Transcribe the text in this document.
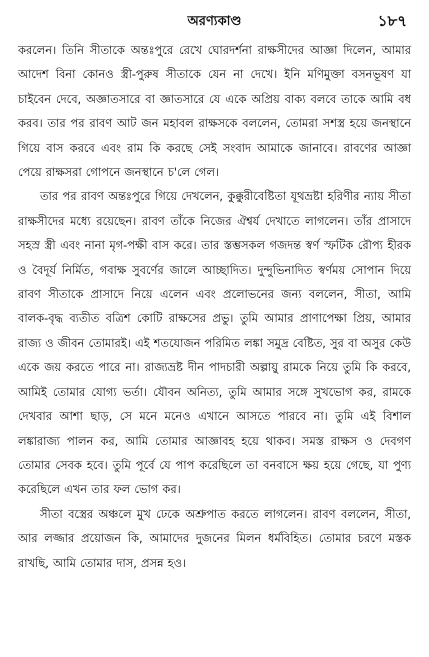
অরণ্যকাণ্ড	১৮৭

করলেন। তিনি সীতাকে অন্তঃপুরে রেখে ঘোরদর্শনা রাক্ষসীদের আজ্ঞা দিলেন, আমার আদেশ বিনা কোনও স্ত্রী-পুরুষ সীতাকে যেন না দেখে। ইনি মণিমুক্তা বসনভূষণ যা চাইবেন দেবে, অজ্ঞাতসারে বা জ্ঞাতসারে যে একে অপ্রিয় বাক্য বলবে তাকে আমি বধ করব। তার পর রাবণ আট জন মহাবল রাক্ষসকে বললেন, তোমরা সশস্ত্র হয়ে জনস্থানে গিয়ে বাস করবে এবং রাম কি করছে সেই সংবাদ আমাকে জানাবে। রাবণের আজ্ঞা পেয়ে রাক্ষসরা গোপনে জনস্থানে চ'লে গেল।

তার পর রাবণ অন্তঃপুরে গিয়ে দেখলেন, কুক্কুরীবেষ্টিতা যূথভ্রষ্টা হরিণীর ন্যায় সীতা রাক্ষসীদের মধ্যে রয়েছেন। রাবণ তাঁকে নিজের ঐশ্বর্য দেখাতে লাগলেন। তাঁর প্রাসাদে সহস্র স্ত্রী এবং নানা মৃগ-পক্ষী বাস করে। তার স্তম্ভসকল গজদন্ত স্বর্ণ স্ফটিক রৌপ্য হীরক ও বৈদূর্য নির্মিত, গবাক্ষ সুবর্ণের জালে আচ্ছাদিত। দুন্দুভিনাদিত স্বর্ণময় সোপান দিয়ে রাবণ সীতাকে প্রাসাদে নিয়ে এলেন এবং প্রলোভনের জন্য বললেন, সীতা, আমি বালক-বৃদ্ধ ব্যতীত বত্রিশ কোটি রাক্ষসের প্রভু। তুমি আমার প্রাণাপেক্ষা প্রিয়, আমার রাজ্য ও জীবন তোমারই। এই শতযোজন পরিমিত লঙ্কা সমুদ্র বেষ্টিত, সুর বা অসুর কেউ একে জয় করতে পারে না। রাজ্যভ্রষ্ট দীন পাদচারী অল্পায়ু রামকে নিয়ে তুমি কি করবে, আমিই তোমার যোগ্য ভর্তা। যৌবন অনিত্য, তুমি আমার সঙ্গে সুখভোগ কর, রামকে দেখবার আশা ছাড়, সে মনে মনেও এখানে আসতে পারবে না। তুমি এই বিশাল লঙ্কারাজ্য পালন কর, আমি তোমার আজ্ঞাবহ হয়ে থাকব। সমস্ত রাক্ষস ও দেবগণ তোমার সেবক হবে। তুমি পূর্বে যে পাপ করেছিলে তা বনবাসে ক্ষয় হয়ে গেছে, যা পুণ্য করেছিলে এখন তার ফল ভোগ কর।

সীতা বস্ত্রের অঞ্চলে মুখ ঢেকে অশ্রুপাত করতে লাগলেন। রাবণ বললেন, সীতা, আর লজ্জার প্রয়োজন কি, আমাদের দুজনের মিলন ধর্মবিহিত। তোমার চরণে মস্তক রাখছি, আমি তোমার দাস, প্রসন্ন হও।
